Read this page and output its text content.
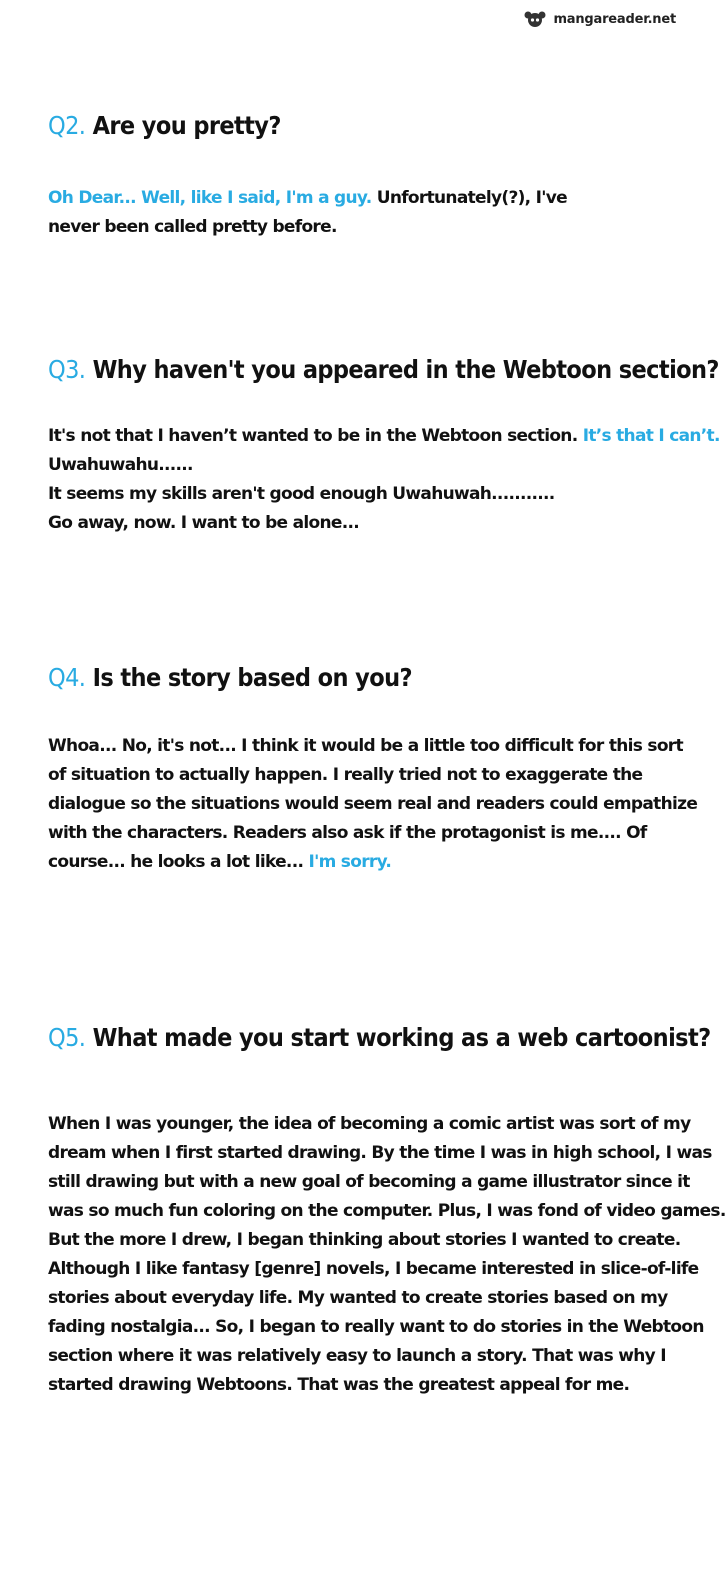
mangareader.net
Q2. Are you pretty?
Oh Dear... Well, like I said, I'm a guy. Unfortunately(?), I've
never been called pretty before.
Q3. Why haven't you appeared in the Webtoon section?
It's not that I haven’t wanted to be in the Webtoon section. It’s that I can’t.
Uwahuwahu......
It seems my skills aren't good enough Uwahuwah...........
Go away, now. I want to be alone...
Q4. Is the story based on you?
Whoa... No, it's not... I think it would be a little too difficult for this sort
of situation to actually happen. I really tried not to exaggerate the
dialogue so the situations would seem real and readers could empathize
with the characters. Readers also ask if the protagonist is me.... Of
course... he looks a lot like... I'm sorry.
Q5. What made you start working as a web cartoonist?
When I was younger, the idea of becoming a comic artist was sort of my
dream when I first started drawing. By the time I was in high school, I was
still drawing but with a new goal of becoming a game illustrator since it
was so much fun coloring on the computer. Plus, I was fond of video games.
But the more I drew, I began thinking about stories I wanted to create.
Although I like fantasy [genre] novels, I became interested in slice-of-life
stories about everyday life. My wanted to create stories based on my
fading nostalgia... So, I began to really want to do stories in the Webtoon
section where it was relatively easy to launch a story. That was why I
started drawing Webtoons. That was the greatest appeal for me.
